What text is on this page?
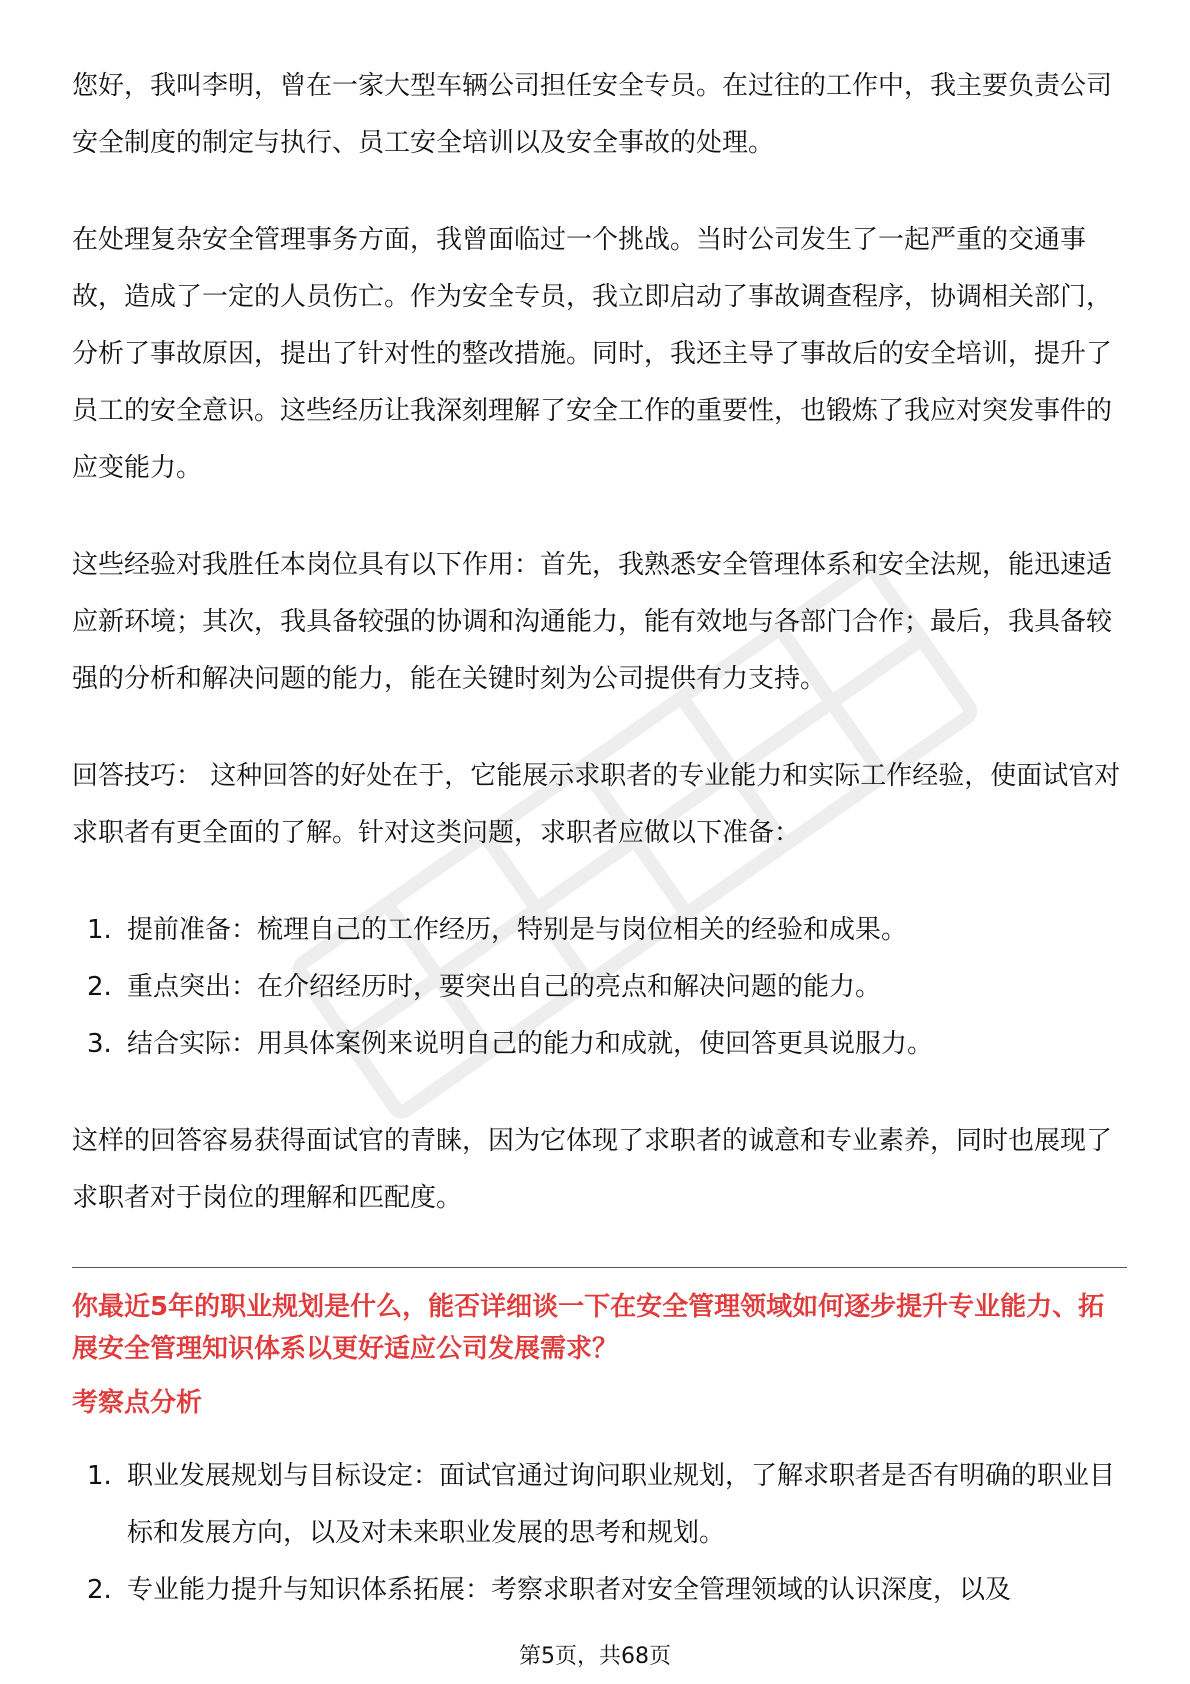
职业圈

您好，我叫李明，曾在一家大型车辆公司担任安全专员。在过往的工作中，我主要负责公司安全制度的制定与执行、员工安全培训以及安全事故的处理。

在处理复杂安全管理事务方面，我曾面临过一个挑战。当时公司发生了一起严重的交通事故，造成了一定的人员伤亡。作为安全专员，我立即启动了事故调查程序，协调相关部门，分析了事故原因，提出了针对性的整改措施。同时，我还主导了事故后的安全培训，提升了员工的安全意识。这些经历让我深刻理解了安全工作的重要性，也锻炼了我应对突发事件的应变能力。

这些经验对我胜任本岗位具有以下作用：首先，我熟悉安全管理体系和安全法规，能迅速适应新环境；其次，我具备较强的协调和沟通能力，能有效地与各部门合作；最后，我具备较强的分析和解决问题的能力，能在关键时刻为公司提供有力支持。

回答技巧： 这种回答的好处在于，它能展示求职者的专业能力和实际工作经验，使面试官对求职者有更全面的了解。针对这类问题，求职者应做以下准备：

1. 提前准备：梳理自己的工作经历，特别是与岗位相关的经验和成果。
2. 重点突出：在介绍经历时，要突出自己的亮点和解决问题的能力。
3. 结合实际：用具体案例来说明自己的能力和成就，使回答更具说服力。

这样的回答容易获得面试官的青睐，因为它体现了求职者的诚意和专业素养，同时也展现了求职者对于岗位的理解和匹配度。

你最近5年的职业规划是什么，能否详细谈一下在安全管理领域如何逐步提升专业能力、拓展安全管理知识体系以更好适应公司发展需求？

考察点分析

1. 职业发展规划与目标设定：面试官通过询问职业规划，了解求职者是否有明确的职业目标和发展方向，以及对未来职业发展的思考和规划。
2. 专业能力提升与知识体系拓展：考察求职者对安全管理领域的认识深度，以及
第5页，共68页
